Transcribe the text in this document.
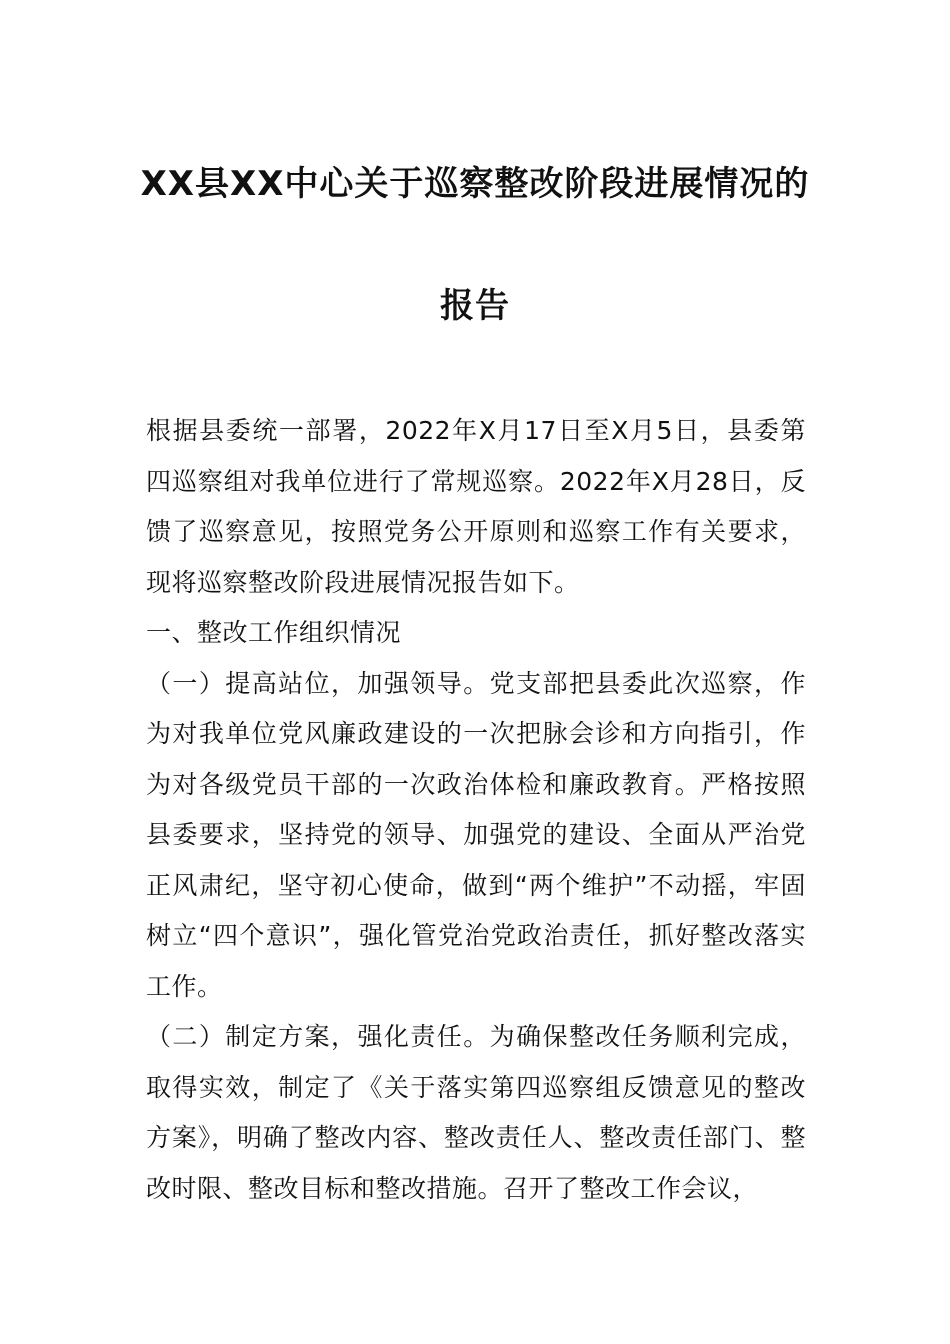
XX县XX中心关于巡察整改阶段进展情况的
报告

根据县委统一部署，2022年X月17日至X月5日，县委第四巡察组对我单位进行了常规巡察。2022年X月28日，反馈了巡察意见，按照党务公开原则和巡察工作有关要求，现将巡察整改阶段进展情况报告如下。

一、整改工作组织情况

（一）提高站位，加强领导。党支部把县委此次巡察，作为对我单位党风廉政建设的一次把脉会诊和方向指引，作为对各级党员干部的一次政治体检和廉政教育。严格按照县委要求，坚持党的领导、加强党的建设、全面从严治党正风肃纪，坚守初心使命，做到“两个维护”不动摇，牢固树立“四个意识”，强化管党治党政治责任，抓好整改落实工作。

（二）制定方案，强化责任。为确保整改任务顺利完成，取得实效，制定了《关于落实第四巡察组反馈意见的整改方案》，明确了整改内容、整改责任人、整改责任部门、整改时限、整改目标和整改措施。召开了整改工作会议，
